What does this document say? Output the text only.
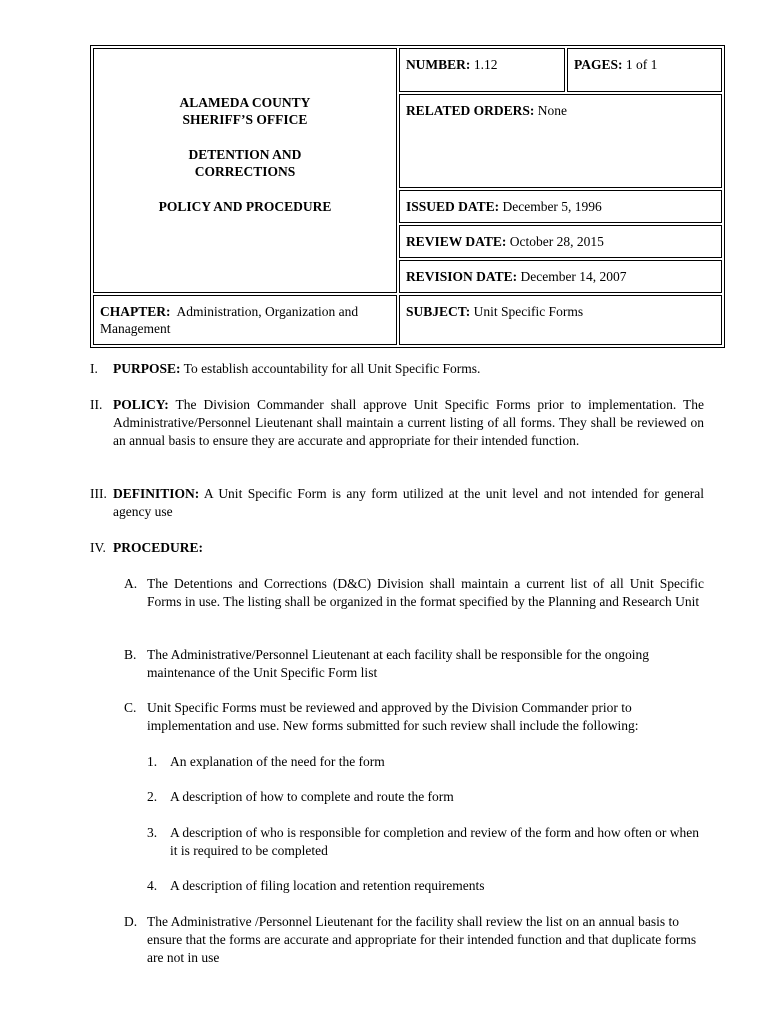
ALAMEDA COUNTY
SHERIFF’S OFFICE
DETENTION AND
CORRECTIONS
POLICY AND PROCEDURE	NUMBER: 1.12	PAGES: 1 of 1
	RELATED ORDERS: None	
	ISSUED DATE: December 5, 1996	
	REVIEW DATE: October 28, 2015	
	REVISION DATE: December 14, 2007	
CHAPTER: Administration, Organization and Management	SUBJECT: Unit Specific Forms	
I. PURPOSE: To establish accountability for all Unit Specific Forms.
II. POLICY: The Division Commander shall approve Unit Specific Forms prior to implementation. The Administrative/Personnel Lieutenant shall maintain a current listing of all forms. They shall be reviewed on an annual basis to ensure they are accurate and appropriate for their intended function.
III. DEFINITION: A Unit Specific Form is any form utilized at the unit level and not intended for general agency use
IV. PROCEDURE:
A. The Detentions and Corrections (D&C) Division shall maintain a current list of all Unit Specific Forms in use. The listing shall be organized in the format specified by the Planning and Research Unit
B. The Administrative/Personnel Lieutenant at each facility shall be responsible for the ongoing maintenance of the Unit Specific Form list
C. Unit Specific Forms must be reviewed and approved by the Division Commander prior to implementation and use. New forms submitted for such review shall include the following:
1. An explanation of the need for the form
2. A description of how to complete and route the form
3. A description of who is responsible for completion and review of the form and how often or when it is required to be completed
4. A description of filing location and retention requirements
D. The Administrative /Personnel Lieutenant for the facility shall review the list on an annual basis to ensure that the forms are accurate and appropriate for their intended function and that duplicate forms are not in use
